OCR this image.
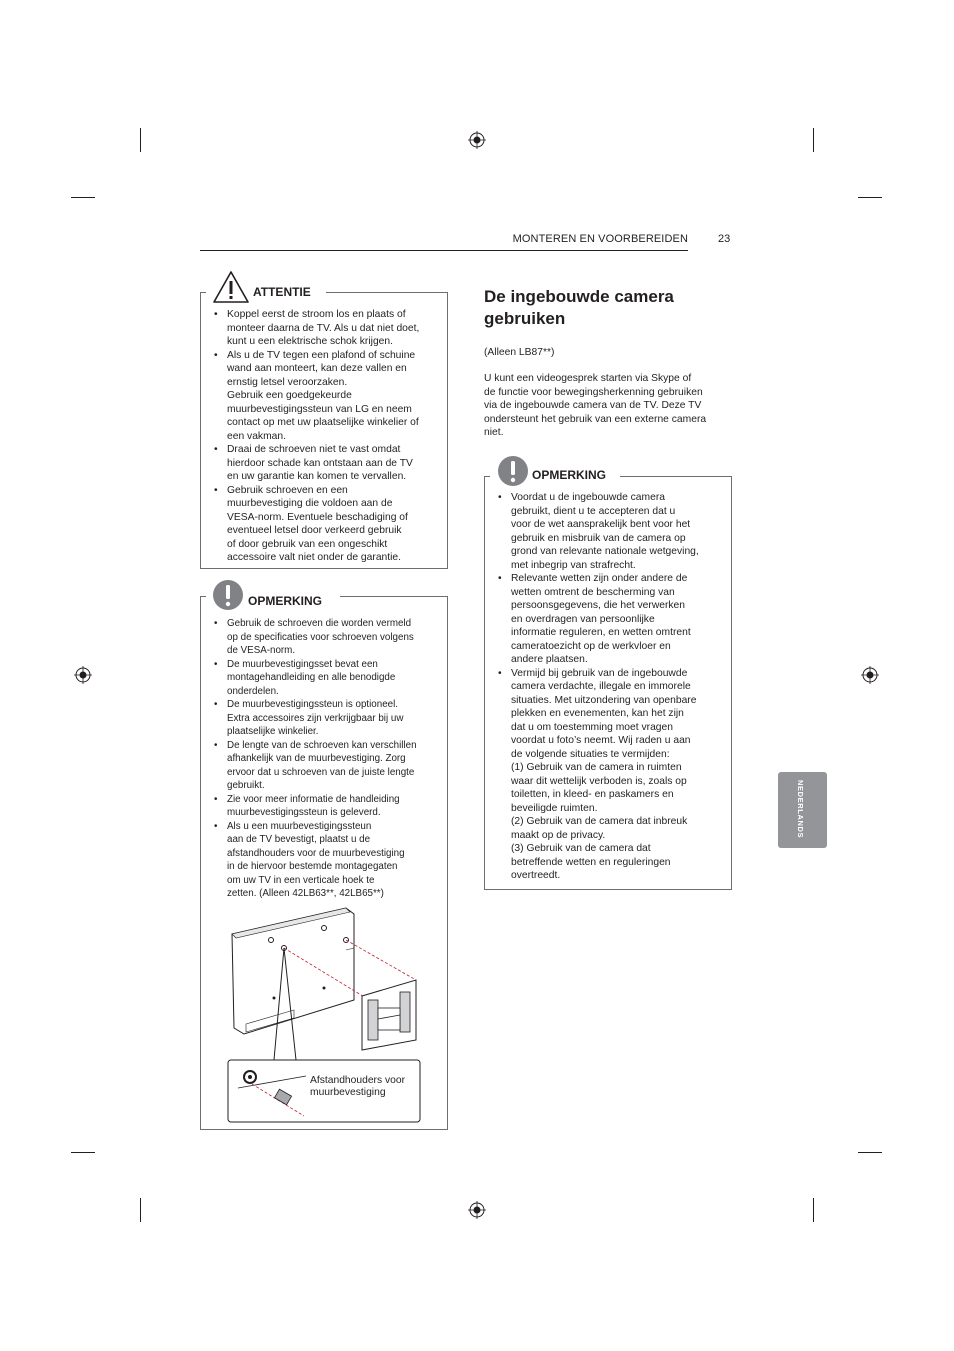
MONTEREN EN VOORBEREIDEN	23
NEDERLANDS
ATTENTIE
• Koppel eerst de stroom los en plaats of
monteer daarna de TV. Als u dat niet doet,
kunt u een elektrische schok krijgen.
• Als u de TV tegen een plafond of schuine
wand aan monteert, kan deze vallen en
ernstig letsel veroorzaken.
Gebruik een goedgekeurde
muurbevestigingssteun van LG en neem
contact op met uw plaatselijke winkelier of
een vakman.
• Draai de schroeven niet te vast omdat
hierdoor schade kan ontstaan aan de TV
en uw garantie kan komen te vervallen.
• Gebruik schroeven en een
muurbevestiging die voldoen aan de
VESA-norm. Eventuele beschadiging of
eventueel letsel door verkeerd gebruik
of door gebruik van een ongeschikt
accessoire valt niet onder de garantie.
OPMERKING
• Gebruik de schroeven die worden vermeld
op de specificaties voor schroeven volgens
de VESA-norm.
• De muurbevestigingsset bevat een
montagehandleiding en alle benodigde
onderdelen.
• De muurbevestigingssteun is optioneel.
Extra accessoires zijn verkrijgbaar bij uw
plaatselijke winkelier.
• De lengte van de schroeven kan verschillen
afhankelijk van de muurbevestiging. Zorg
ervoor dat u schroeven van de juiste lengte
gebruikt.
• Zie voor meer informatie de handleiding
muurbevestigingssteun is geleverd.
• Als u een muurbevestigingssteun
aan de TV bevestigt, plaatst u de
afstandhouders voor de muurbevestiging
in de hiervoor bestemde montagegaten
om uw TV in een verticale hoek te
zetten. (Alleen 42LB63**, 42LB65**)
Afstandhouders voor
muurbevestiging
De ingebouwde camera
gebruiken
(Alleen LB87**)
U kunt een videogesprek starten via Skype of
de functie voor bewegingsherkenning gebruiken
via de ingebouwde camera van de TV. Deze TV
ondersteunt het gebruik van een externe camera
niet.
OPMERKING
• Voordat u de ingebouwde camera
gebruikt, dient u te accepteren dat u
voor de wet aansprakelijk bent voor het
gebruik en misbruik van de camera op
grond van relevante nationale wetgeving,
met inbegrip van strafrecht.
• Relevante wetten zijn onder andere de
wetten omtrent de bescherming van
persoonsgegevens, die het verwerken
en overdragen van persoonlijke
informatie reguleren, en wetten omtrent
cameratoezicht op de werkvloer en
andere plaatsen.
• Vermijd bij gebruik van de ingebouwde
camera verdachte, illegale en immorele
situaties. Met uitzondering van openbare
plekken en evenementen, kan het zijn
dat u om toestemming moet vragen
voordat u foto’s neemt. Wij raden u aan
de volgende situaties te vermijden:
(1) Gebruik van de camera in ruimten
waar dit wettelijk verboden is, zoals op
toiletten, in kleed- en paskamers en
beveiligde ruimten.
(2) Gebruik van de camera dat inbreuk
maakt op de privacy.
(3) Gebruik van de camera dat
betreffende wetten en reguleringen
overtreedt.
